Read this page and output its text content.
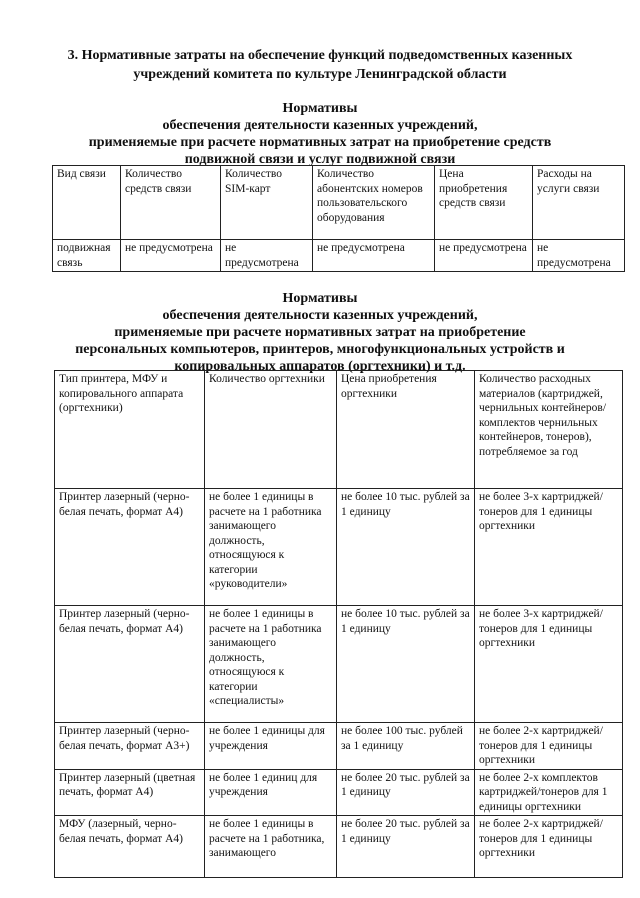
3. Нормативные затраты на обеспечение функций подведомственных казенных
учреждений комитета по культуре Ленинградской области
Нормативы
обеспечения деятельности казенных учреждений,
применяемые при расчете нормативных затрат на приобретение средств
подвижной связи и услуг подвижной связи
Вид связи	Количество средств связи	Количество SIM-карт	Количество абонентских номеров пользовательского оборудования	Цена приобретения средств связи	Расходы на услуги связи
подвижная связь	не предусмотрена	не предусмотрена	не предусмотрена	не предусмотрена	не предусмотрена
Нормативы
обеспечения деятельности казенных учреждений,
применяемые при расчете нормативных затрат на приобретение
персональных компьютеров, принтеров, многофункциональных устройств и
копировальных аппаратов (оргтехники) и т.д.
Тип принтера, МФУ и копировального аппарата (оргтехники)	Количество оргтехники	Цена приобретения оргтехники	Количество расходных материалов (картриджей, чернильных контейнеров/комплектов чернильных контейнеров, тонеров), потребляемое за год
Принтер лазерный (черно-белая печать, формат А4)	не более 1 единицы в расчете на 1 работника занимающего должность, относящуюся к категории «руководители»	не более 10 тыс. рублей за 1 единицу	не более 3-х картриджей/тонеров для 1 единицы оргтехники
Принтер лазерный (черно-белая печать, формат А4)	не более 1 единицы в расчете на 1 работника занимающего должность, относящуюся к категории «специалисты»	не более 10 тыс. рублей за 1 единицу	не более 3-х картриджей/тонеров для 1 единицы оргтехники
Принтер лазерный (черно-белая печать, формат А3+)	не более 1 единицы для учреждения	не более 100 тыс. рублей за 1 единицу	не более 2-х картриджей/тонеров для 1 единицы оргтехники
Принтер лазерный (цветная печать, формат А4)	не более 1 единиц для учреждения	не более 20 тыс. рублей за 1 единицу	не более 2-х комплектов картриджей/тонеров для 1 единицы оргтехники
МФУ (лазерный, черно-белая печать, формат А4)	не более 1 единицы в расчете на 1 работника, занимающего	не более 20 тыс. рублей за 1 единицу	не более 2-х картриджей/тонеров для 1 единицы оргтехники
